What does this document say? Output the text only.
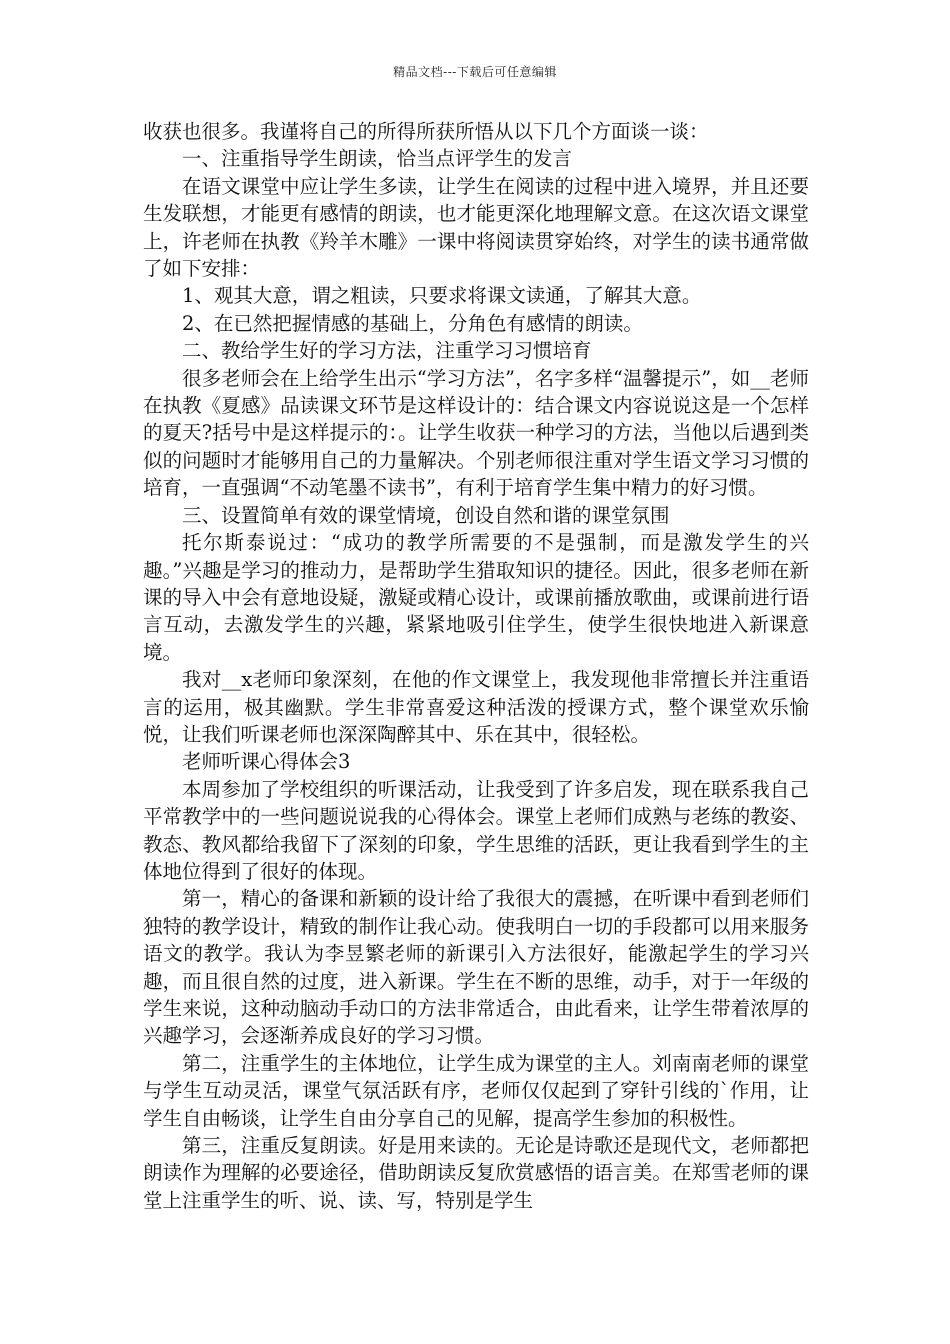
精品文档---下载后可任意编辑

收获也很多。我谨将自己的所得所获所悟从以下几个方面谈一谈：

一、注重指导学生朗读，恰当点评学生的发言

在语文课堂中应让学生多读，让学生在阅读的过程中进入境界，并且还要生发联想，才能更有感情的朗读，也才能更深化地理解文意。在这次语文课堂上，许老师在执教《羚羊木雕》一课中将阅读贯穿始终，对学生的读书通常做了如下安排：

1、观其大意，谓之粗读，只要求将课文读通，了解其大意。

2、在已然把握情感的基础上，分角色有感情的朗读。

二、教给学生好的学习方法，注重学习习惯培育

很多老师会在上给学生出示“学习方法”，名字多样“温馨提示”，如__老师在执教《夏感》品读课文环节是这样设计的：结合课文内容说说这是一个怎样的夏天?括号中是这样提示的：。让学生收获一种学习的方法，当他以后遇到类似的问题时才能够用自己的力量解决。个别老师很注重对学生语文学习习惯的培育，一直强调“不动笔墨不读书”，有利于培育学生集中精力的好习惯。

三、设置简单有效的课堂情境，创设自然和谐的课堂氛围

托尔斯泰说过：“成功的教学所需要的不是强制，而是激发学生的兴趣。”兴趣是学习的推动力，是帮助学生猎取知识的捷径。因此，很多老师在新课的导入中会有意地设疑，激疑或精心设计，或课前播放歌曲，或课前进行语言互动，去激发学生的兴趣，紧紧地吸引住学生，使学生很快地进入新课意境。

我对__x老师印象深刻，在他的作文课堂上，我发现他非常擅长并注重语言的运用，极其幽默。学生非常喜爱这种活泼的授课方式，整个课堂欢乐愉悦，让我们听课老师也深深陶醉其中、乐在其中，很轻松。

老师听课心得体会3

本周参加了学校组织的听课活动，让我受到了许多启发，现在联系我自己平常教学中的一些问题说说我的心得体会。课堂上老师们成熟与老练的教姿、教态、教风都给我留下了深刻的印象，学生思维的活跃，更让我看到学生的主体地位得到了很好的体现。

第一，精心的备课和新颖的设计给了我很大的震撼，在听课中看到老师们独特的教学设计，精致的制作让我心动。使我明白一切的手段都可以用来服务语文的教学。我认为李昱繁老师的新课引入方法很好，能激起学生的学习兴趣，而且很自然的过度，进入新课。学生在不断的思维，动手，对于一年级的学生来说，这种动脑动手动口的方法非常适合，由此看来，让学生带着浓厚的兴趣学习，会逐渐养成良好的学习习惯。

第二，注重学生的主体地位，让学生成为课堂的主人。刘南南老师的课堂与学生互动灵活，课堂气氛活跃有序，老师仅仅起到了穿针引线的`作用，让学生自由畅谈，让学生自由分享自己的见解，提高学生参加的积极性。

第三，注重反复朗读。好是用来读的。无论是诗歌还是现代文，老师都把朗读作为理解的必要途径，借助朗读反复欣赏感悟的语言美。在郑雪老师的课堂上注重学生的听、说、读、写，特别是学生
